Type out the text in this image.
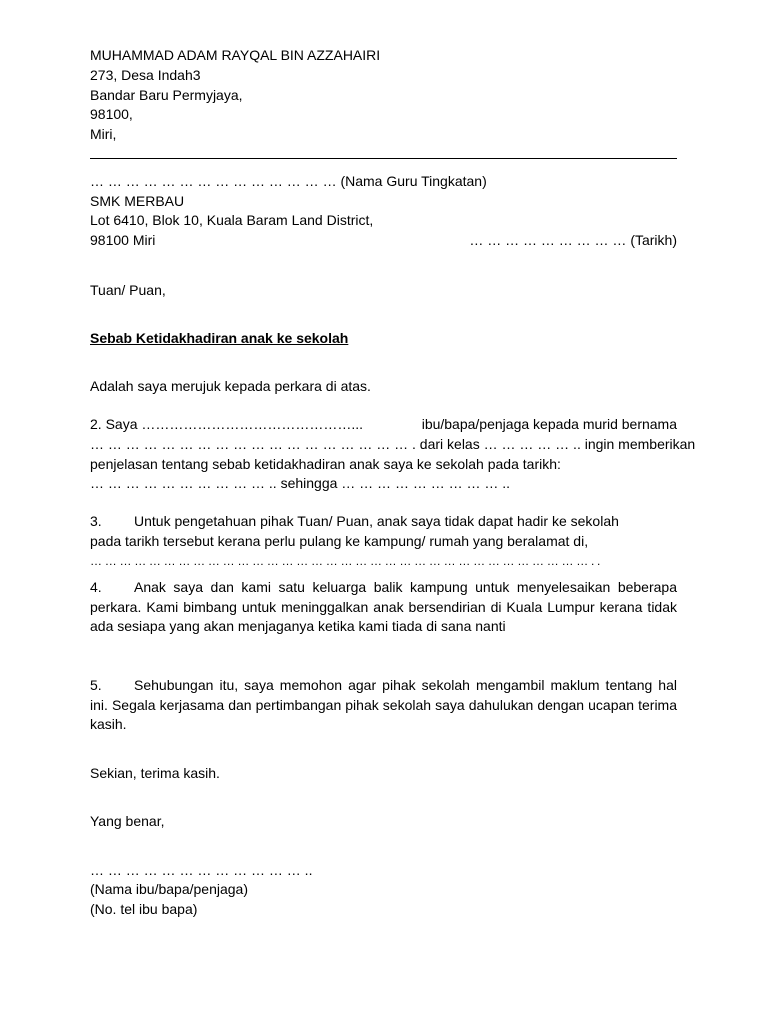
MUHAMMAD ADAM RAYQAL BIN AZZAHAIRI
273, Desa Indah3
Bandar Baru Permyjaya,
98100,
Miri,
… … … … … … … … … … … … … … (Nama Guru Tingkatan)
SMK MERBAU
Lot 6410, Blok 10, Kuala Baram Land District,
98100 Miri	… … … … … … … … … (Tarikh)
Tuan/ Puan,
Sebab Ketidakhadiran anak ke sekolah
Adalah saya merujuk kepada perkara di atas.
2. Saya ………………………………………...	ibu/bapa/penjaga kepada murid bernama
… … … … … … … … … … … … … … … … … … . dari kelas … … … … … .. ingin memberikan
penjelasan tentang sebab ketidakhadiran anak saya ke sekolah pada tarikh:
… … … … … … … … … … .. sehingga … … … … … … … … … ..
3. Untuk pengetahuan pihak Tuan/ Puan, anak saya tidak dapat hadir ke sekolah
pada tarikh tersebut kerana perlu pulang ke kampung/ rumah yang beralamat di,
… … … … … … … … … … … … … … … … … … … … … … … … … … … … … … … … … … . .
4. Anak saya dan kami satu keluarga balik kampung untuk menyelesaikan beberapa perkara. Kami bimbang untuk meninggalkan anak bersendirian di Kuala Lumpur kerana tidak ada sesiapa yang akan menjaganya ketika kami tiada di sana nanti
5. Sehubungan itu, saya memohon agar pihak sekolah mengambil maklum tentang hal ini. Segala kerjasama dan pertimbangan pihak sekolah saya dahulukan dengan ucapan terima kasih.
Sekian, terima kasih.
Yang benar,
… … … … … … … … … … … … ..
(Nama ibu/bapa/penjaga)
(No. tel ibu bapa)
